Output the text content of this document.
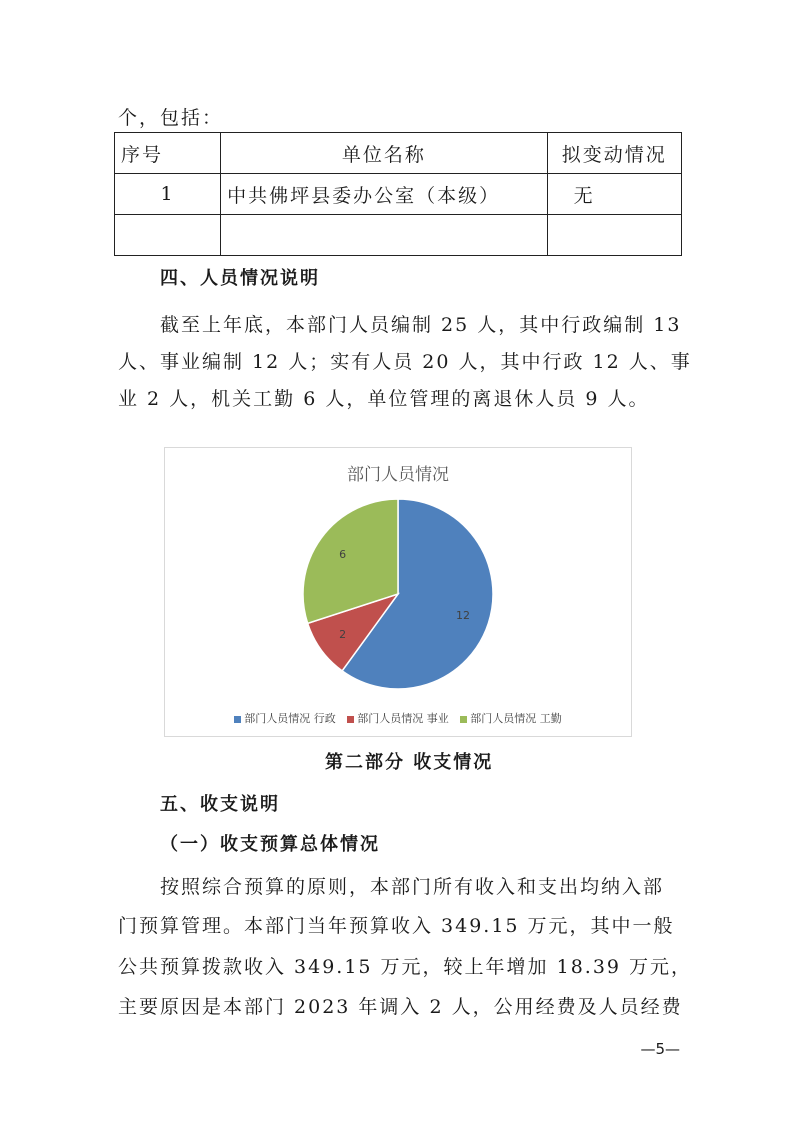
个，包括：
序号	单位名称	拟变动情况
1	中共佛坪县委办公室（本级）	无

四、人员情况说明
截至上年底，本部门人员编制 25 人，其中行政编制 13
人、事业编制 12 人；实有人员 20 人，其中行政 12 人、事
业 2 人，机关工勤 6 人，单位管理的离退休人员 9 人。
部门人员情况
12
2
6
部门人员情况 行政 部门人员情况 事业 部门人员情况 工勤
第二部分 收支情况
五、收支说明
（一）收支预算总体情况
按照综合预算的原则，本部门所有收入和支出均纳入部
门预算管理。本部门当年预算收入 349.15 万元，其中一般
公共预算拨款收入 349.15 万元，较上年增加 18.39 万元，
主要原因是本部门 2023 年调入 2 人，公用经费及人员经费
—5—
